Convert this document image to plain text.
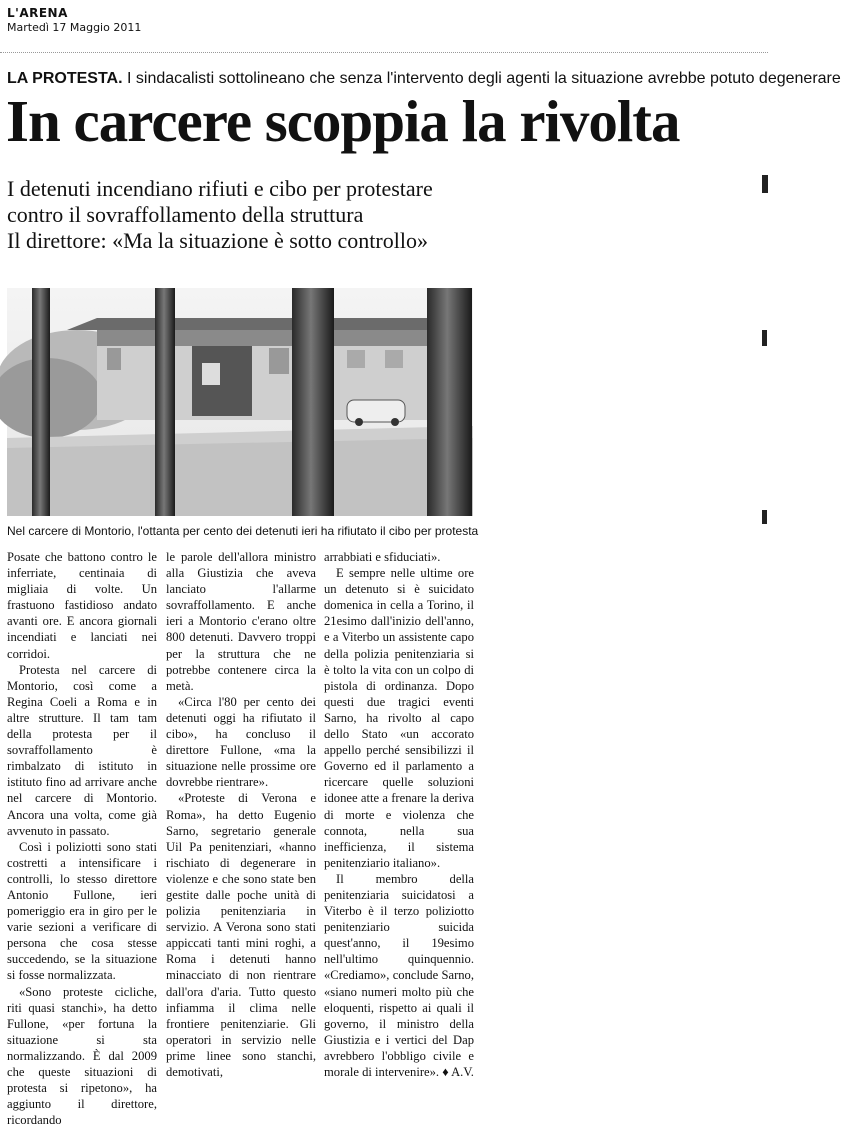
L'ARENA
Martedì 17 Maggio 2011
LA PROTESTA. I sindacalisti sottolineano che senza l'intervento degli agenti la situazione avrebbe potuto degenerare
In carcere scoppia la rivolta
I detenuti incendiano rifiuti e cibo per protestare
contro il sovraffollamento della struttura
Il direttore: «Ma la situazione è sotto controllo»
Nel carcere di Montorio, l'ottanta per cento dei detenuti ieri ha rifiutato il cibo per protesta

Posate che battono contro le inferriate, centinaia di migliaia di volte. Un frastuono fastidioso andato avanti ore. E ancora giornali incendiati e lanciati nei corridoi.

Protesta nel carcere di Montorio, così come a Regina Coeli a Roma e in altre strutture. Il tam tam della protesta per il sovraffollamento è rimbalzato di istituto in istituto fino ad arrivare anche nel carcere di Montorio. Ancora una volta, come già avvenuto in passato.

Così i poliziotti sono stati costretti a intensificare i controlli, lo stesso direttore Antonio Fullone, ieri pomeriggio era in giro per le varie sezioni a verificare di persona che cosa stesse succedendo, se la situazione si fosse normalizzata.

«Sono proteste cicliche, riti quasi stanchi», ha detto Fullone, «per fortuna la situazione si sta normalizzando. È dal 2009 che queste situazioni di protesta si ripetono», ha aggiunto il direttore, ricordando

le parole dell'allora ministro alla Giustizia che aveva lanciato l'allarme sovraffollamento. E anche ieri a Montorio c'erano oltre 800 detenuti. Davvero troppi per la struttura che ne potrebbe contenere circa la metà.

«Circa l'80 per cento dei detenuti oggi ha rifiutato il cibo», ha concluso il direttore Fullone, «ma la situazione nelle prossime ore dovrebbe rientrare».

«Proteste di Verona e Roma», ha detto Eugenio Sarno, segretario generale Uil Pa penitenziari, «hanno rischiato di degenerare in violenze e che sono state ben gestite dalle poche unità di polizia penitenziaria in servizio. A Verona sono stati appiccati tanti mini roghi, a Roma i detenuti hanno minacciato di non rientrare dall'ora d'aria. Tutto questo infiamma il clima nelle frontiere penitenziarie. Gli operatori in servizio nelle prime linee sono stanchi, demotivati,

arrabbiati e sfiduciati».

E sempre nelle ultime ore un detenuto si è suicidato domenica in cella a Torino, il 21esimo dall'inizio dell'anno, e a Viterbo un assistente capo della polizia penitenziaria si è tolto la vita con un colpo di pistola di ordinanza. Dopo questi due tragici eventi Sarno, ha rivolto al capo dello Stato «un accorato appello perché sensibilizzi il Governo ed il parlamento a ricercare quelle soluzioni idonee atte a frenare la deriva di morte e violenza che connota, nella sua inefficienza, il sistema penitenziario italiano».

Il membro della penitenziaria suicidatosi a Viterbo è il terzo poliziotto penitenziario suicida quest'anno, il 19esimo nell'ultimo quinquennio. «Crediamo», conclude Sarno, «siano numeri molto più che eloquenti, rispetto ai quali il governo, il ministro della Giustizia e i vertici del Dap avrebbero l'obbligo civile e morale di intervenire». ♦ A.V.
